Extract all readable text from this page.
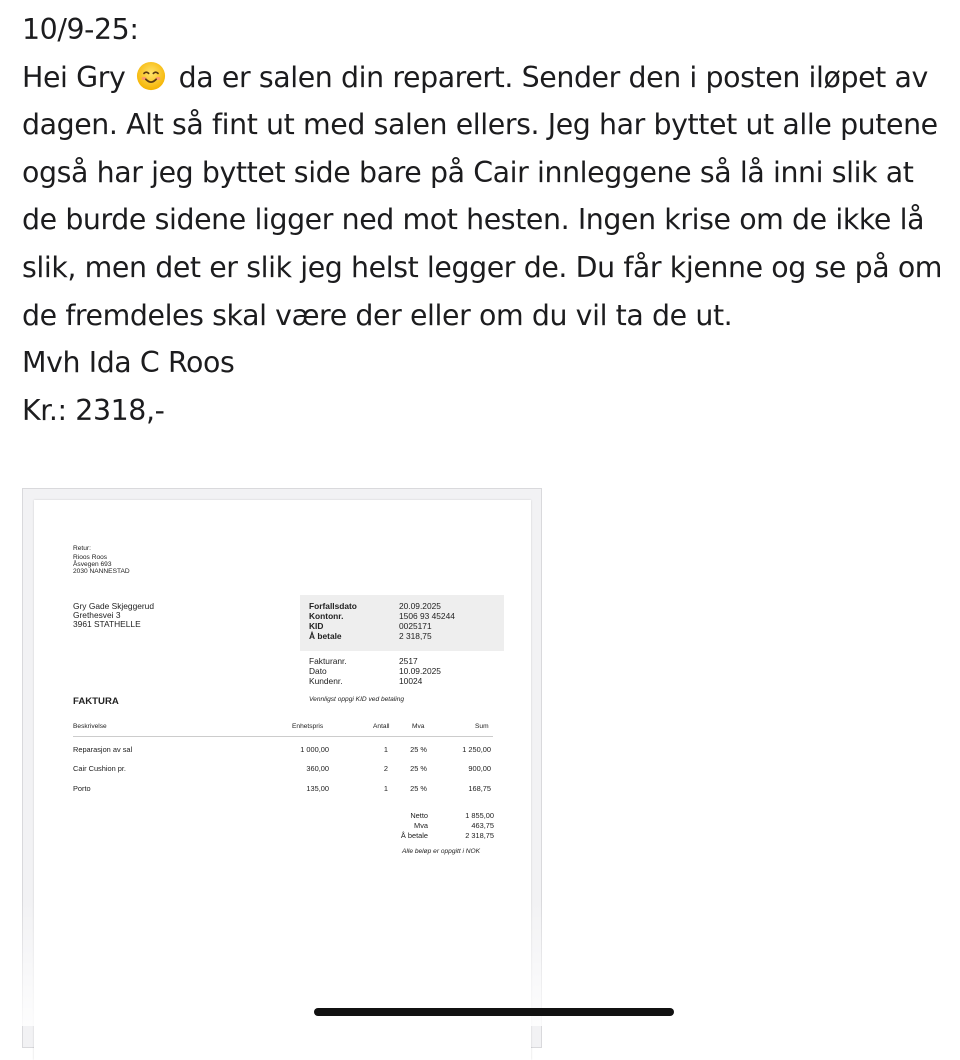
10/9-25:

Hei Gry da er salen din reparert. Sender den i posten iløpet av dagen. Alt så fint ut med salen ellers. Jeg har byttet ut alle putene også har jeg byttet side bare på Cair innleggene så lå inni slik at de burde sidene ligger ned mot hesten. Ingen krise om de ikke lå slik, men det er slik jeg helst legger de. Du får kjenne og se på om de fremdeles skal være der eller om du vil ta de ut.

Mvh Ida C Roos

Kr.: 2318,-

Retur:
Rioos Roos
Åsvegen 693
2030 NANNESTAD
Gry Gade Skjeggerud
Grethesvei 3
3961 STATHELLE
Forfallsdato	20.09.2025
Kontonr.	1506 93 45244
KID	0025171
Å betale	2 318,75
Fakturanr.	2517
Dato	10.09.2025
Kundenr.	10024
FAKTURA	Vennligst oppgi KID ved betaling
Beskrivelse	Enhetspris	Antall	Mva	Sum
Reparasjon av sal	1 000,00	1	25 %	1 250,00
Cair Cushion pr.	360,00	2	25 %	900,00
Porto	135,00	1	25 %	168,75
Netto	1 855,00
Mva	463,75
Å betale	2 318,75
Alle beløp er oppgitt i NOK
